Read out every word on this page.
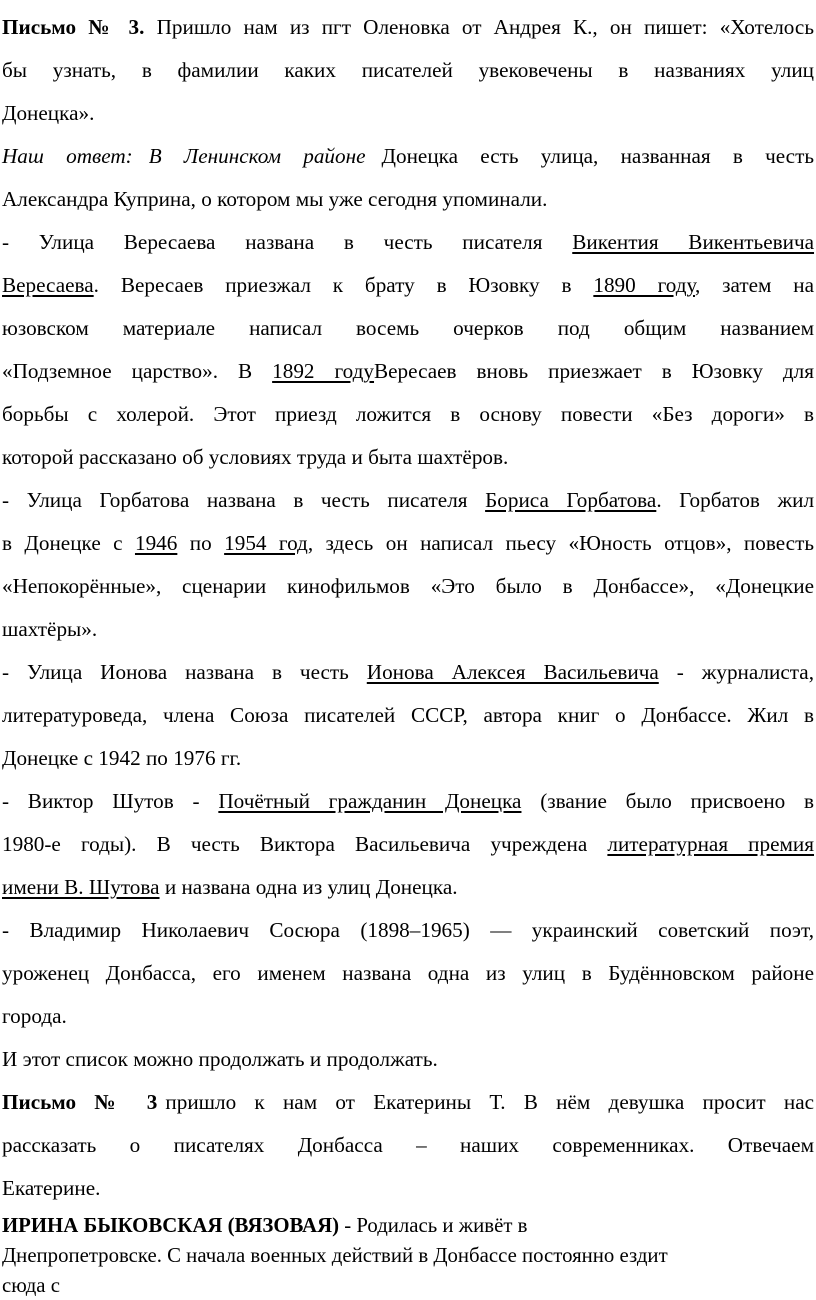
Письмо № 3. Пришло нам из пгт Оленовка от Андрея К., он пишет: «Хотелось
бы узнать, в фамилии каких писателей увековечены в названиях улиц
Донецка».

Наш ответ: В Ленинском районе Донецка есть улица, названная в честь
Александра Куприна, о котором мы уже сегодня упоминали.

- Улица Вересаева названа в честь писателя Викентия Викентьевича
Вересаева. Вересаев приезжал к брату в Юзовку в 1890 году, затем на
юзовском материале написал восемь очерков под общим названием
«Подземное царство». В 1892 годуВересаев вновь приезжает в Юзовку для
борьбы с холерой. Этот приезд ложится в основу повести «Без дороги» в
которой рассказано об условиях труда и быта шахтёров.

- Улица Горбатова названа в честь писателя Бориса Горбатова. Горбатов жил
в Донецке с 1946 по 1954 год, здесь он написал пьесу «Юность отцов», повесть
«Непокорённые», сценарии кинофильмов «Это было в Донбассе», «Донецкие
шахтёры».

- Улица Ионова названа в честь Ионова Алексея Васильевича - журналиста,
литературоведа, члена Союза писателей СССР, автора книг о Донбассе. Жил в
Донецке с 1942 по 1976 гг.

- Виктор Шутов - Почётный гражданин Донецка (звание было присвоено в
1980-е годы). В честь Виктора Васильевича учреждена литературная премия
имени В. Шутова и названа одна из улиц Донецка.

- Владимир Николаевич Сосюра (1898–1965) — украинский советский поэт,
уроженец Донбасса, его именем названа одна из улиц в Будённовском районе
города.

И этот список можно продолжать и продолжать.

Письмо № 3 пришло к нам от Екатерины Т. В нём девушка просит нас
рассказать о писателях Донбасса – наших современниках. Отвечаем
Екатерине.

ИРИНА БЫКОВСКАЯ (ВЯЗОВАЯ) - Родилась и живёт в
Днепропетровске. С начала военных действий в Донбассе постоянно ездит
сюда с
